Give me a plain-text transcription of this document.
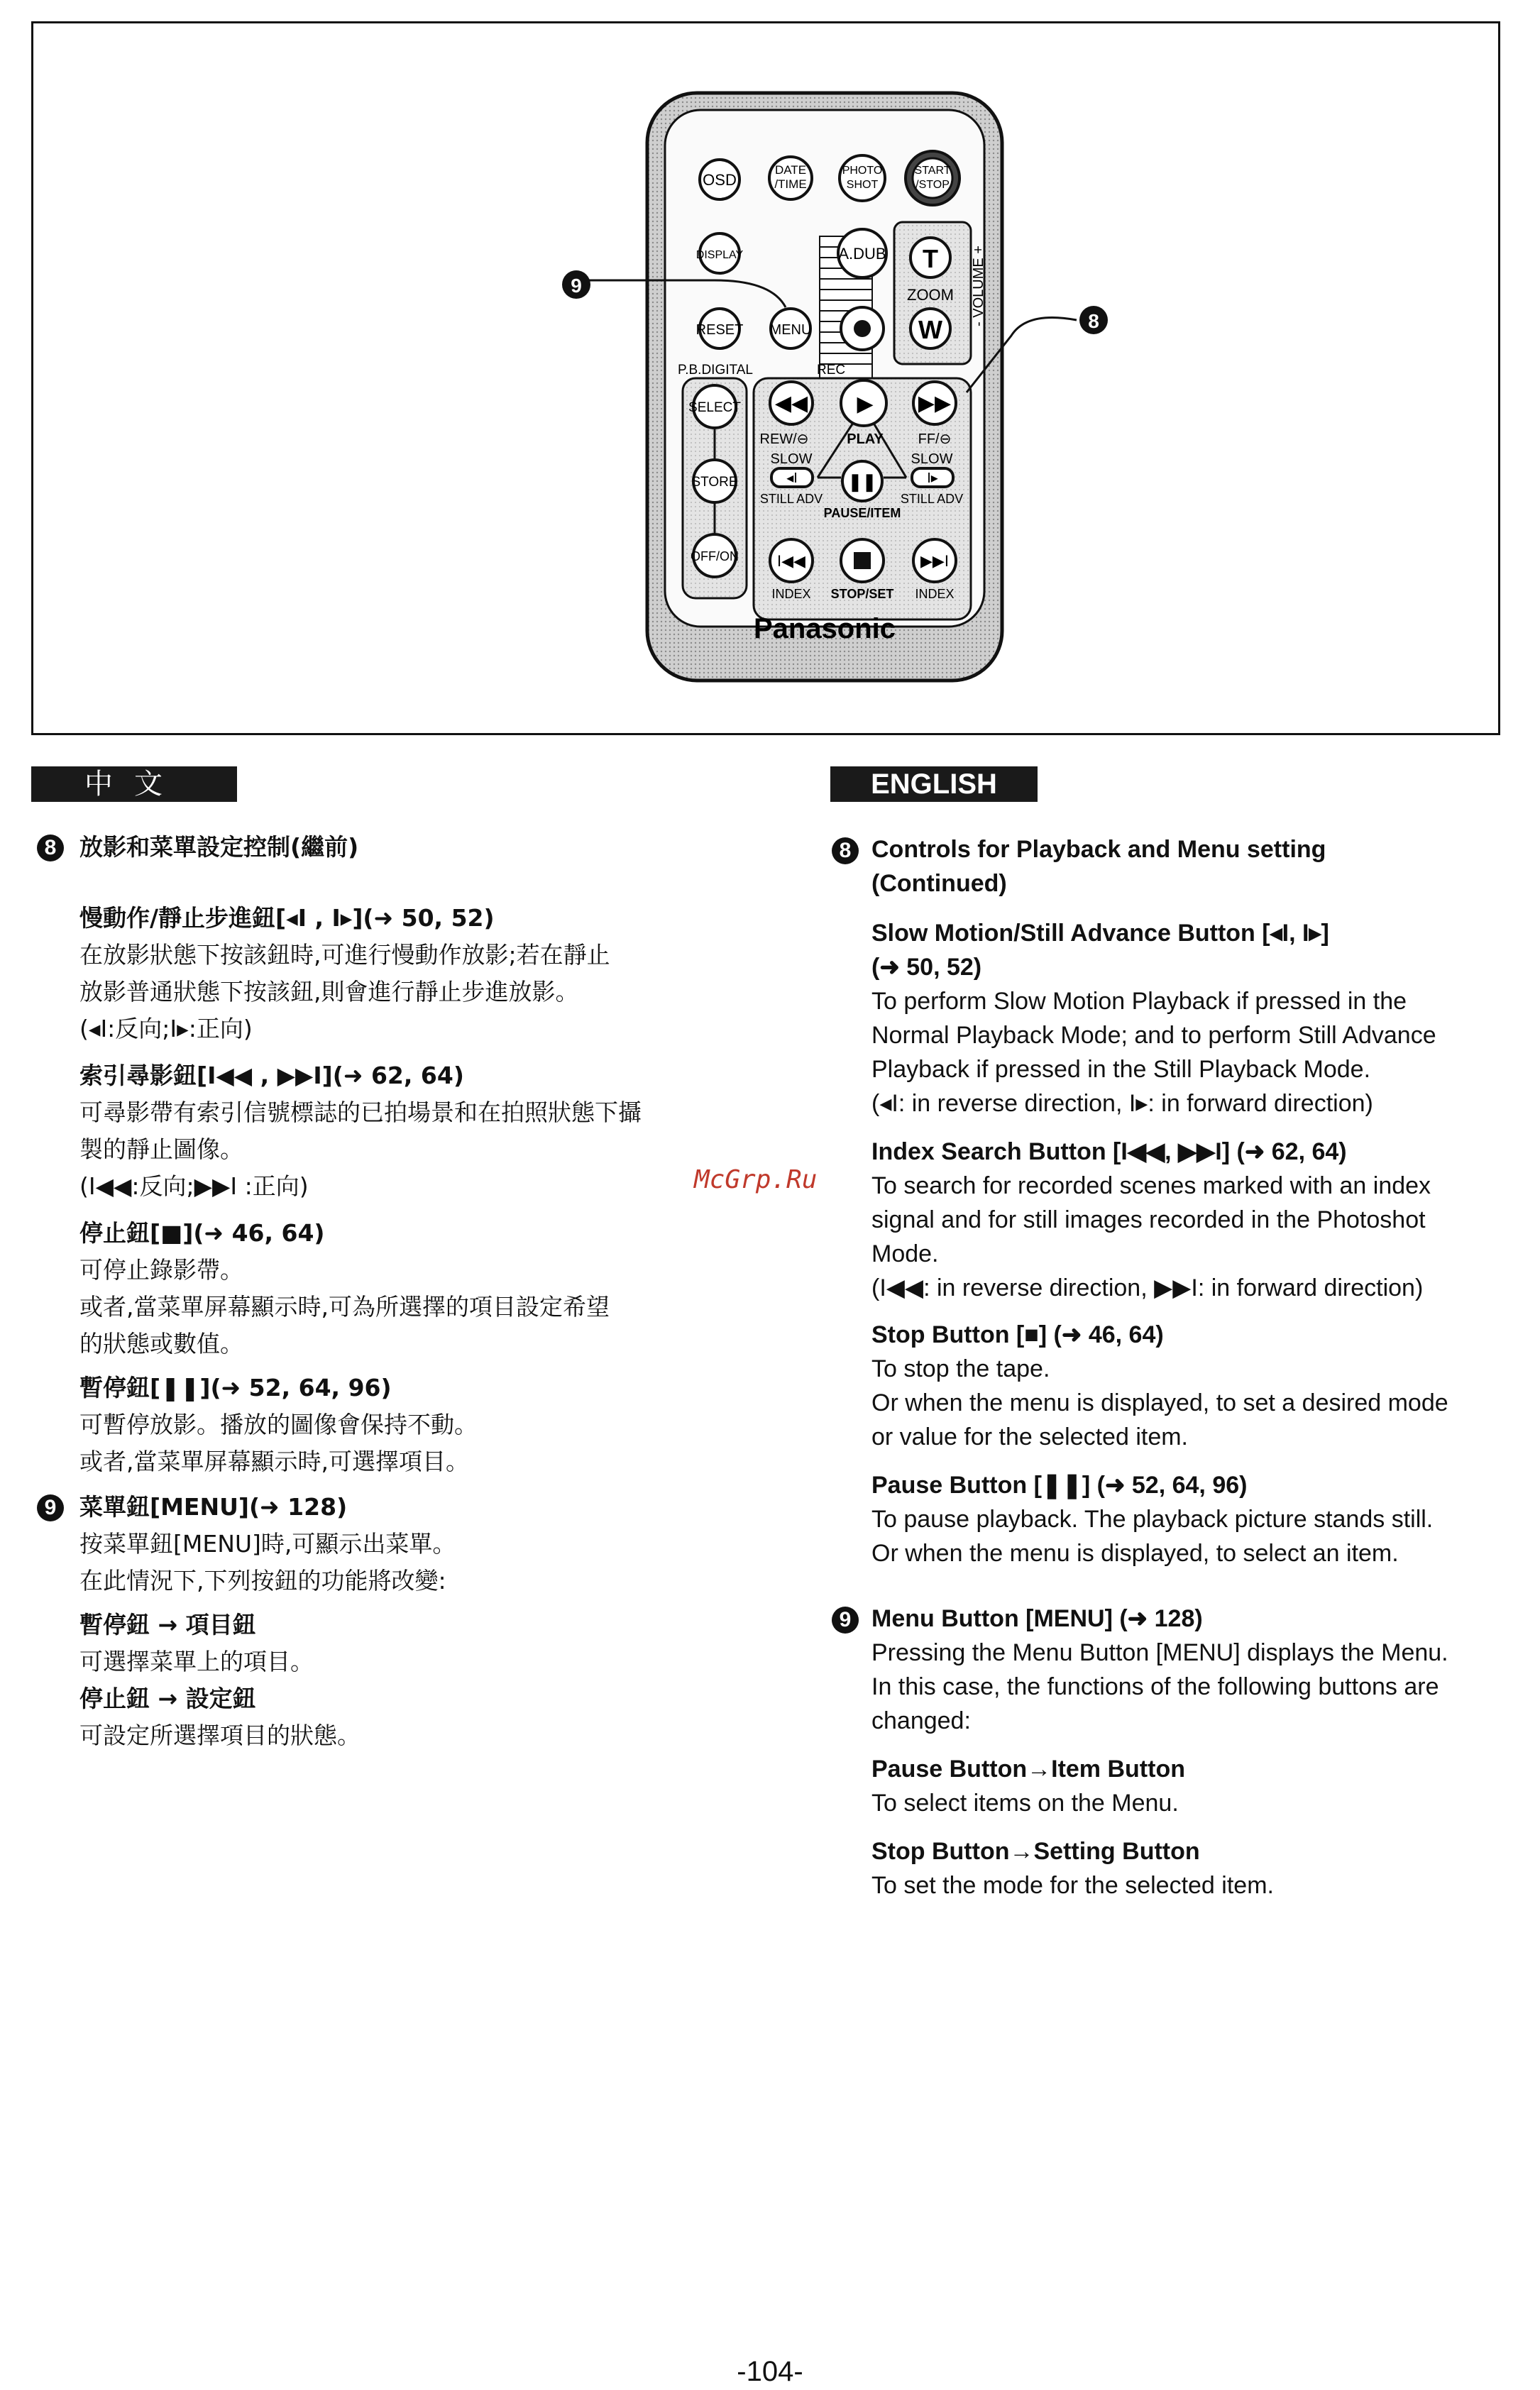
OSD
DATE
/TIME
PHOTO
SHOT
START
/STOP
DISPLAY	A.DUB T
ZOOM
W
- VOLUME +
RESET MENU
P.B.DIGITAL	REC
SELECT
STORE
OFF/ON
◀◀ ▶ ▶▶
REW/⊖	PLAY FF/⊖
SLOW	SLOW
◂I	I▸
❚❚
STILL ADV	STILL ADV
PAUSE/ITEM
I◀◀	▶▶I
INDEX STOP/SET INDEX
Panasonic
9
8
中文	ENGLISH
8 放影和菜單設定控制(繼前)
慢動作/靜止步進鈕[◂I , I▸](➜ 50, 52)
在放影狀態下按該鈕時,可進行慢動作放影;若在靜止
放影普通狀態下按該鈕,則會進行靜止步進放影。
(◂I:反向;I▸:正向)
索引尋影鈕[I◀◀ , ▶▶I](➜ 62, 64)
可尋影帶有索引信號標誌的已拍場景和在拍照狀態下攝
製的靜止圖像。
(I◀◀:反向;▶▶I :正向)
停止鈕[■](➜ 46, 64)
可停止錄影帶。
或者,當菜單屏幕顯示時,可為所選擇的項目設定希望
的狀態或數值。
暫停鈕[❚❚](➜ 52, 64, 96)
可暫停放影。播放的圖像會保持不動。
或者,當菜單屏幕顯示時,可選擇項目。
9 菜單鈕[MENU](➜ 128)
按菜單鈕[MENU]時,可顯示出菜單。
在此情況下,下列按鈕的功能將改變:
暫停鈕 → 項目鈕
可選擇菜單上的項目。
停止鈕 → 設定鈕
可設定所選擇項目的狀態。
8 Controls for Playback and Menu setting
(Continued)
Slow Motion/Still Advance Button [◂I, I▸]
(➜ 50, 52)
To perform Slow Motion Playback if pressed in the
Normal Playback Mode; and to perform Still Advance
Playback if pressed in the Still Playback Mode.
(◂I: in reverse direction, I▸: in forward direction)
Index Search Button [I◀◀, ▶▶I] (➜ 62, 64)
To search for recorded scenes marked with an index
signal and for still images recorded in the Photoshot
Mode.
(I◀◀: in reverse direction, ▶▶I: in forward direction)
Stop Button [■] (➜ 46, 64)
To stop the tape.
Or when the menu is displayed, to set a desired mode
or value for the selected item.
Pause Button [❚❚] (➜ 52, 64, 96)
To pause playback. The playback picture stands still.
Or when the menu is displayed, to select an item.
9 Menu Button [MENU] (➜ 128)
Pressing the Menu Button [MENU] displays the Menu.
In this case, the functions of the following buttons are
changed:
Pause Button→Item Button
To select items on the Menu.
Stop Button→Setting Button
To set the mode for the selected item.
McGrp.Ru
-104-
